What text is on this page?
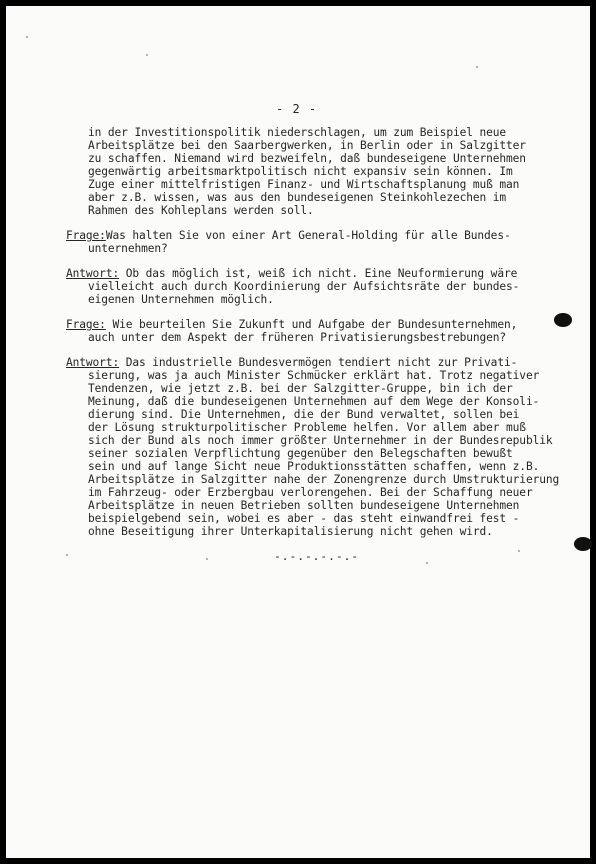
- 2 -
in der Investitionspolitik niederschlagen, um zum Beispiel neue
Arbeitsplätze bei den Saarbergwerken, in Berlin oder in Salzgitter
zu schaffen. Niemand wird bezweifeln, daß bundeseigene Unternehmen
gegenwärtig arbeitsmarktpolitisch nicht expansiv sein können. Im
Zuge einer mittelfristigen Finanz- und Wirtschaftsplanung muß man
aber z.B. wissen, was aus den bundeseigenen Steinkohlezechen im
Rahmen des Kohleplans werden soll.
Frage:Was halten Sie von einer Art General-Holding für alle Bundes-
unternehmen?
Antwort: Ob das möglich ist, weiß ich nicht. Eine Neuformierung wäre
vielleicht auch durch Koordinierung der Aufsichtsräte der bundes-
eigenen Unternehmen möglich.
Frage: Wie beurteilen Sie Zukunft und Aufgabe der Bundesunternehmen,
auch unter dem Aspekt der früheren Privatisierungsbestrebungen?
Antwort: Das industrielle Bundesvermögen tendiert nicht zur Privati-
sierung, was ja auch Minister Schmücker erklärt hat. Trotz negativer
Tendenzen, wie jetzt z.B. bei der Salzgitter-Gruppe, bin ich der
Meinung, daß die bundeseigenen Unternehmen auf dem Wege der Konsoli-
dierung sind. Die Unternehmen, die der Bund verwaltet, sollen bei
der Lösung strukturpolitischer Probleme helfen. Vor allem aber muß
sich der Bund als noch immer größter Unternehmer in der Bundesrepublik
seiner sozialen Verpflichtung gegenüber den Belegschaften bewußt
sein und auf lange Sicht neue Produktionsstätten schaffen, wenn z.B.
Arbeitsplätze in Salzgitter nahe der Zonengrenze durch Umstrukturierung
im Fahrzeug- oder Erzbergbau verlorengehen. Bei der Schaffung neuer
Arbeitsplätze in neuen Betrieben sollten bundeseigene Unternehmen
beispielgebend sein, wobei es aber - das steht einwandfrei fest -
ohne Beseitigung ihrer Unterkapitalisierung nicht gehen wird.
-.-.-.-.-.-
